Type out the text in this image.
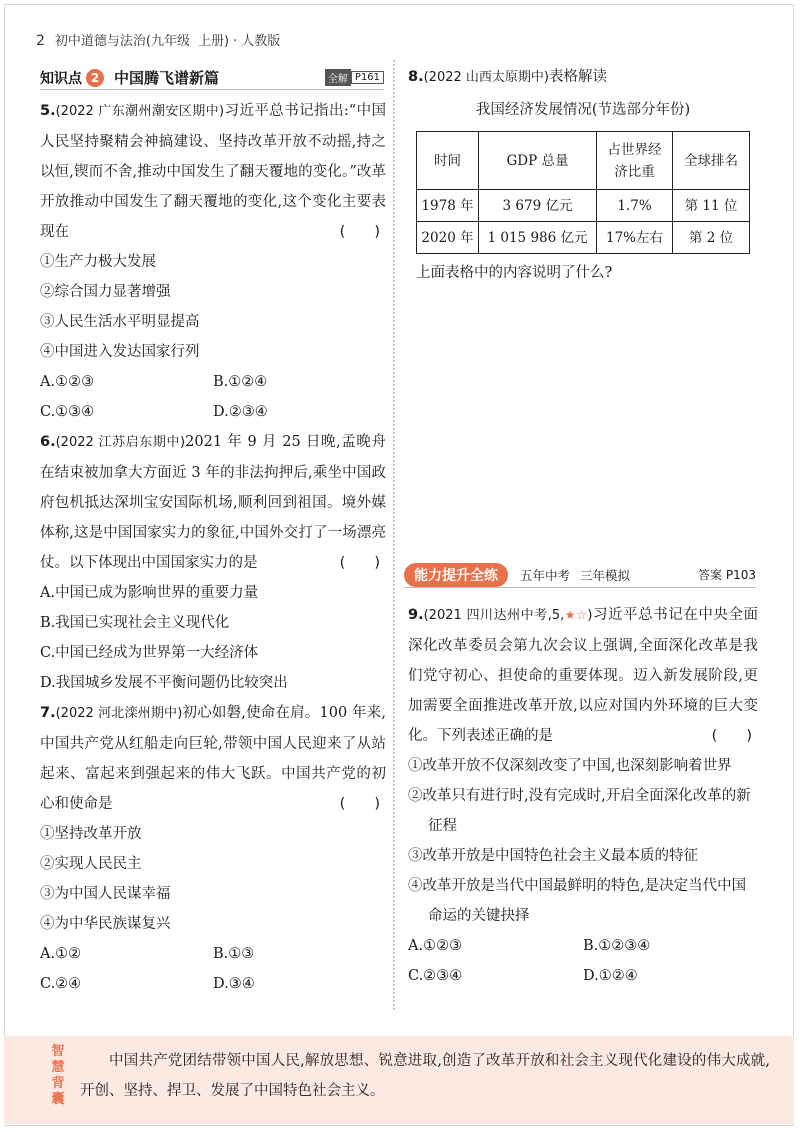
2 初中道德与法治(九年级 上册) · 人教版
知识点 2 中国腾飞谱新篇	全解 P161
5.(2022 广东潮州潮安区期中)习近平总书记指出:“中国人民坚持聚精会神搞建设、坚持改革开放不动摇,持之以恒,锲而不舍,推动中国发生了翻天覆地的变化。”改革开放推动中国发生了翻天覆地的变化,这个变化主要表现在	(　　)
①生产力极大发展
②综合国力显著增强
③人民生活水平明显提高
④中国进入发达国家行列
A.①②③	B.①②④
C.①③④	D.②③④
6.(2022 江苏启东期中)2021 年 9 月 25 日晚,孟晚舟在结束被加拿大方面近 3 年的非法拘押后,乘坐中国政府包机抵达深圳宝安国际机场,顺利回到祖国。境外媒体称,这是中国国家实力的象征,中国外交打了一场漂亮仗。以下体现出中国国家实力的是	(　　)
A.中国已成为影响世界的重要力量
B.我国已实现社会主义现代化
C.中国已经成为世界第一大经济体
D.我国城乡发展不平衡问题仍比较突出
7.(2022 河北滦州期中)初心如磐,使命在肩。100 年来,中国共产党从红船走向巨轮,带领中国人民迎来了从站起来、富起来到强起来的伟大飞跃。中国共产党的初心和使命是	(　　)
①坚持改革开放
②实现人民民主
③为中国人民谋幸福
④为中华民族谋复兴
A.①②	B.①③
C.②④	D.③④
8.(2022 山西太原期中)表格解读
我国经济发展情况(节选部分年份)
时间	GDP 总量	占世界经济比重	全球排名
1978 年	3 679 亿元	1.7%	第 11 位
2020 年	1 015 986 亿元	17%左右	第 2 位
上面表格中的内容说明了什么?
能力提升全练	五年中考 三年模拟	答案 P103
9.(2021 四川达州中考,5,★☆)习近平总书记在中央全面深化改革委员会第九次会议上强调,全面深化改革是我们党守初心、担使命的重要体现。迈入新发展阶段,更加需要全面推进改革开放,以应对国内外环境的巨大变化。下列表述正确的是	(　　)
①改革开放不仅深刻改变了中国,也深刻影响着世界
②改革只有进行时,没有完成时,开启全面深化改革的新征程
③改革开放是中国特色社会主义最本质的特征
④改革开放是当代中国最鲜明的特色,是决定当代中国命运的关键抉择
A.①②③	B.①②③④
C.②③④	D.①②④
智慧背囊
中国共产党团结带领中国人民,解放思想、锐意进取,创造了改革开放和社会主义现代化建设的伟大成就,开创、坚持、捍卫、发展了中国特色社会主义。
